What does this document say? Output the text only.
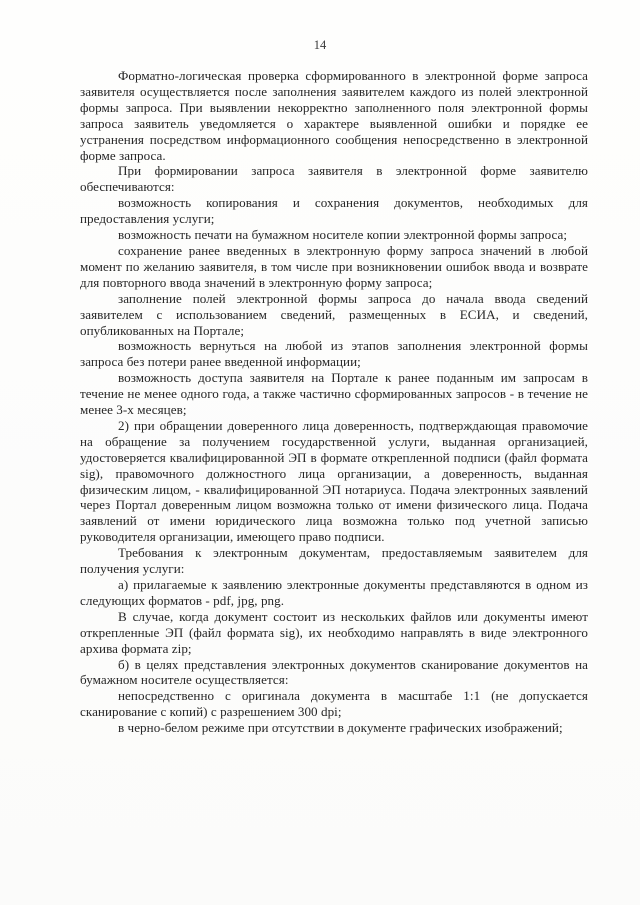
14

Форматно-логическая проверка сформированного в электронной форме запроса заявителя осуществляется после заполнения заявителем каждого из полей электронной формы запроса. При выявлении некорректно заполненного поля электронной формы запроса заявитель уведомляется о характере выявленной ошибки и порядке ее устранения посредством информационного сообщения непосредственно в электронной форме запроса.

При формировании запроса заявителя в электронной форме заявителю обеспечиваются:

возможность копирования и сохранения документов, необходимых для предоставления услуги;

возможность печати на бумажном носителе копии электронной формы запроса;

сохранение ранее введенных в электронную форму запроса значений в любой момент по желанию заявителя, в том числе при возникновении ошибок ввода и возврате для повторного ввода значений в электронную форму запроса;

заполнение полей электронной формы запроса до начала ввода сведений заявителем с использованием сведений, размещенных в ЕСИА, и сведений, опубликованных на Портале;

возможность вернуться на любой из этапов заполнения электронной формы запроса без потери ранее введенной информации;

возможность доступа заявителя на Портале к ранее поданным им запросам в течение не менее одного года, а также частично сформированных запросов - в течение не менее 3-х месяцев;

2) при обращении доверенного лица доверенность, подтверждающая правомочие на обращение за получением государственной услуги, выданная организацией, удостоверяется квалифицированной ЭП в формате открепленной подписи (файл формата sig), правомочного должностного лица организации, а доверенность, выданная физическим лицом, - квалифицированной ЭП нотариуса. Подача электронных заявлений через Портал доверенным лицом возможна только от имени физического лица. Подача заявлений от имени юридического лица возможна только под учетной записью руководителя организации, имеющего право подписи.

Требования к электронным документам, предоставляемым заявителем для получения услуги:

а) прилагаемые к заявлению электронные документы представляются в одном из следующих форматов - pdf, jpg, png.

В случае, когда документ состоит из нескольких файлов или документы имеют открепленные ЭП (файл формата sig), их необходимо направлять в виде электронного архива формата zip;

б) в целях представления электронных документов сканирование документов на бумажном носителе осуществляется:

непосредственно с оригинала документа в масштабе 1:1 (не допускается сканирование с копий) с разрешением 300 dpi;

в черно-белом режиме при отсутствии в документе графических изображений;
